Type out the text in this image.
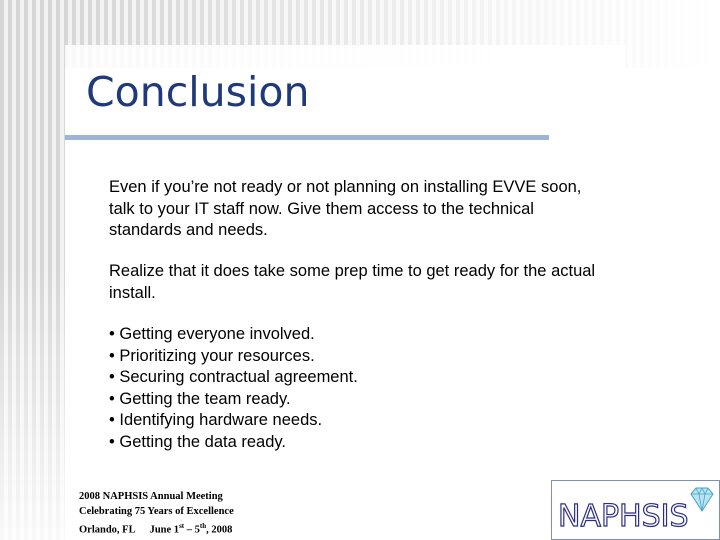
Conclusion

Even if you’re not ready or not planning on installing EVVE soon, talk to your IT staff now. Give them access to the technical standards and needs.

Realize that it does take some prep time to get ready for the actual install.

• Getting everyone involved.
• Prioritizing your resources.
• Securing contractual agreement.
• Getting the team ready.
• Identifying hardware needs.
• Getting the data ready.
2008 NAPHSIS Annual Meeting
Celebrating 75 Years of Excellence
Orlando, FL June 1st – 5th, 2008	NAPHSIS
